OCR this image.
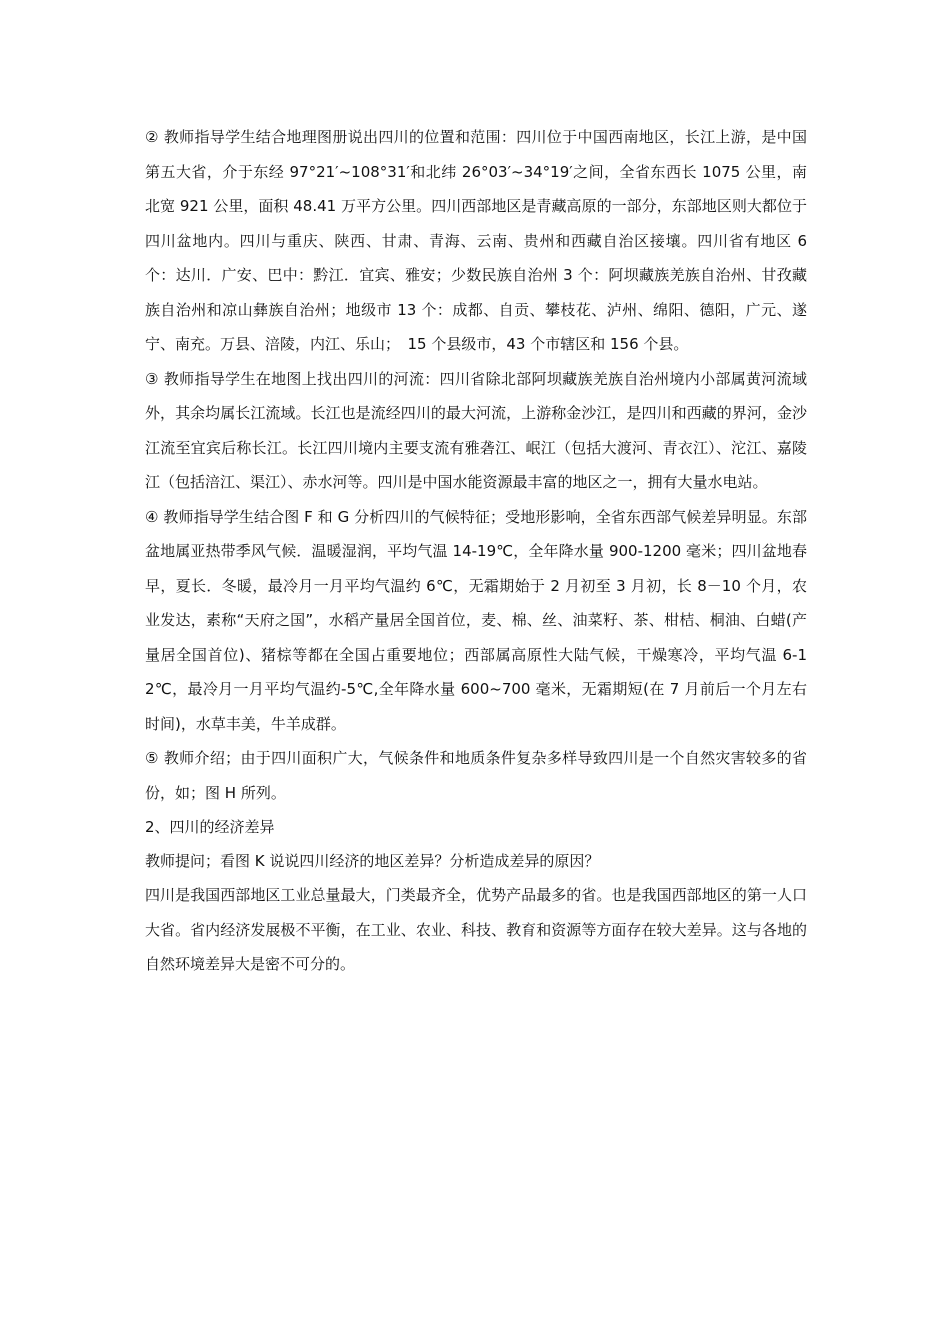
② 教师指导学生结合地理图册说出四川的位置和范围：四川位于中国西南地区，长江上游，是中国第五大省，介于东经 97°21′~108°31′和北纬 26°03′~34°19′之间，全省东西长 1075 公里，南北宽 921 公里，面积 48.41 万平方公里。四川西部地区是青藏高原的一部分，东部地区则大都位于四川盆地内。四川与重庆、陕西、甘肃、青海、云南、贵州和西藏自治区接壤。四川省有地区 6 个：达川．广安、巴中：黔江．宜宾、雅安；少数民族自治州 3 个：阿坝藏族羌族自治州、甘孜藏族自治州和凉山彝族自治州；地级市 13 个：成都、自贡、攀枝花、泸州、绵阳、德阳，广元、遂宁、南充。万县、涪陵，内江、乐山；　15 个县级市，43 个市辖区和 156 个县。

③ 教师指导学生在地图上找出四川的河流：四川省除北部阿坝藏族羌族自治州境内小部属黄河流域外，其余均属长江流域。长江也是流经四川的最大河流，上游称金沙江，是四川和西藏的界河，金沙江流至宜宾后称长江。长江四川境内主要支流有雅砻江、岷江（包括大渡河、青衣江）、沱江、嘉陵江（包括涪江、渠江）、赤水河等。四川是中国水能资源最丰富的地区之一，拥有大量水电站。

④ 教师指导学生结合图 F 和 G 分析四川的气候特征；受地形影响，全省东西部气候差异明显。东部盆地属亚热带季风气候．温暖湿润，平均气温 14-19℃，全年降水量 900-1200 毫米；四川盆地春早，夏长．冬暖，最冷月一月平均气温约 6℃，无霜期始于 2 月初至 3 月初，长 8－10 个月，农业发达，素称“天府之国”，水稻产量居全国首位，麦、棉、丝、油菜籽、茶、柑桔、桐油、白蜡(产量居全国首位)、猪棕等都在全国占重要地位；西部属高原性大陆气候，干燥寒冷，平均气温 6-12℃，最冷月一月平均气温约-5℃,全年降水量 600~700 毫米，无霜期短(在 7 月前后一个月左右时间)，水草丰美，牛羊成群。

⑤ 教师介绍；由于四川面积广大，气候条件和地质条件复杂多样导致四川是一个自然灾害较多的省份，如；图 H 所列。

2、四川的经济差异

教师提问；看图 K 说说四川经济的地区差异？分析造成差异的原因？

四川是我国西部地区工业总量最大，门类最齐全，优势产品最多的省。也是我国西部地区的第一人口大省。省内经济发展极不平衡，在工业、农业、科技、教育和资源等方面存在较大差异。这与各地的自然环境差异大是密不可分的。
